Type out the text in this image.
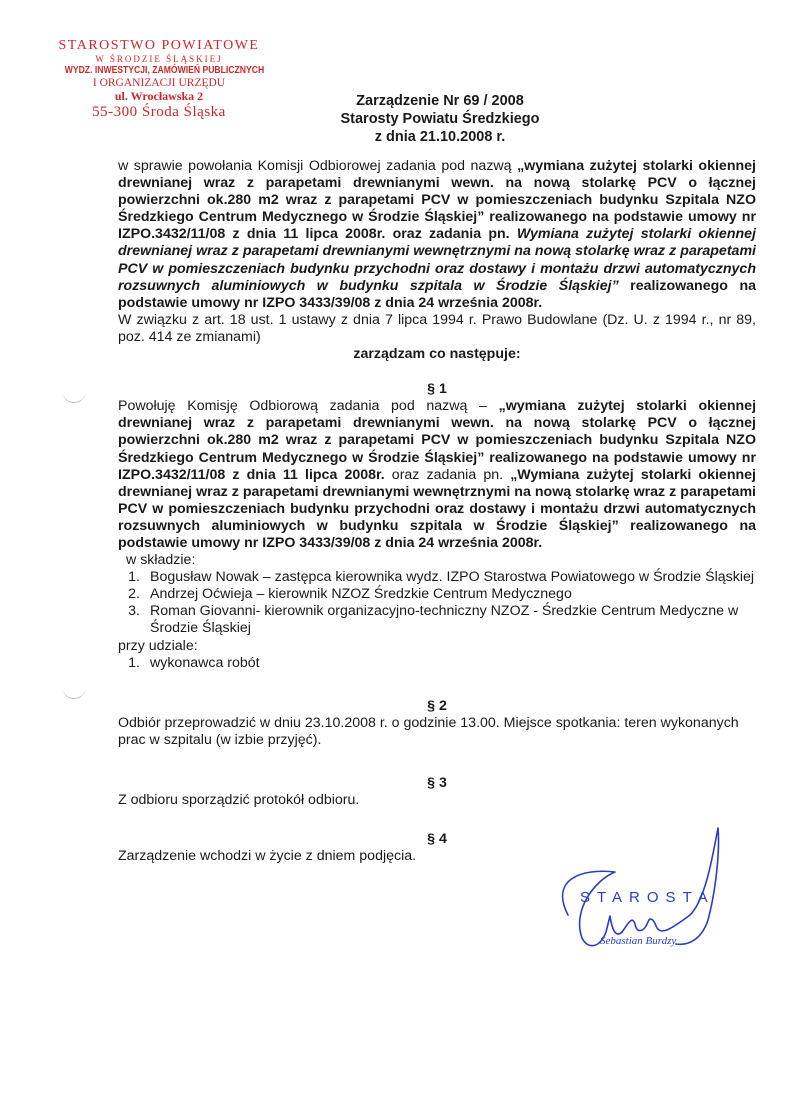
STAROSTWO POWIATOWE
W ŚRODZIE ŚLĄSKIEJ
WYDZ. INWESTYCJI, ZAMÓWIEŃ PUBLICZNYCH
I ORGANIZACJI URZĘDU
ul. Wrocławska 2
55-300 Środa Śląska
Zarządzenie Nr 69 / 2008
Starosty Powiatu Średzkiego
z dnia 21.10.2008 r.

w sprawie powołania Komisji Odbiorowej zadania pod nazwą „wymiana zużytej stolarki okiennej drewnianej wraz z parapetami drewnianymi wewn. na nową stolarkę PCV o łącznej powierzchni ok.280 m2 wraz z parapetami PCV w pomieszczeniach budynku Szpitala NZO Średzkiego Centrum Medycznego w Środzie Śląskiej” realizowanego na podstawie umowy nr IZPO.3432/11/08 z dnia 11 lipca 2008r. oraz zadania pn. Wymiana zużytej stolarki okiennej drewnianej wraz z parapetami drewnianymi wewnętrznymi na nową stolarkę wraz z parapetami PCV w pomieszczeniach budynku przychodni oraz dostawy i montażu drzwi automatycznych rozsuwnych aluminiowych w budynku szpitala w Środzie Śląskiej” realizowanego na podstawie umowy nr IZPO 3433/39/08 z dnia 24 września 2008r.

W związku z art. 18 ust. 1 ustawy z dnia 7 lipca 1994 r. Prawo Budowlane (Dz. U. z 1994 r., nr 89, poz. 414 ze zmianami)

zarządzam co następuje:

§ 1

Powołuję Komisję Odbiorową zadania pod nazwą – „wymiana zużytej stolarki okiennej drewnianej wraz z parapetami drewnianymi wewn. na nową stolarkę PCV o łącznej powierzchni ok.280 m2 wraz z parapetami PCV w pomieszczeniach budynku Szpitala NZO Średzkiego Centrum Medycznego w Środzie Śląskiej” realizowanego na podstawie umowy nr IZPO.3432/11/08 z dnia 11 lipca 2008r. oraz zadania pn. „Wymiana zużytej stolarki okiennej drewnianej wraz z parapetami drewnianymi wewnętrznymi na nową stolarkę wraz z parapetami PCV w pomieszczeniach budynku przychodni oraz dostawy i montażu drzwi automatycznych rozsuwnych aluminiowych w budynku szpitala w Środzie Śląskiej” realizowanego na podstawie umowy nr IZPO 3433/39/08 z dnia 24 września 2008r.

w składzie:

1. Bogusław Nowak – zastępca kierownika wydz. IZPO Starostwa Powiatowego w Środzie Śląskiej
2. Andrzej Oćwieja – kierownik NZOZ Średzkie Centrum Medycznego
3. Roman Giovanni- kierownik organizacyjno-techniczny NZOZ - Średzkie Centrum Medyczne w Środzie Śląskiej

przy udziale:

1. wykonawca robót

§ 2

Odbiór przeprowadzić w dniu 23.10.2008 r. o godzinie 13.00. Miejsce spotkania: teren wykonanych prac w szpitalu (w izbie przyjęć).

§ 3

Z odbioru sporządzić protokół odbioru.

§ 4

Zarządzenie wchodzi w życie z dniem podjęcia.

STAROSTA
Sebastian Burdzy
